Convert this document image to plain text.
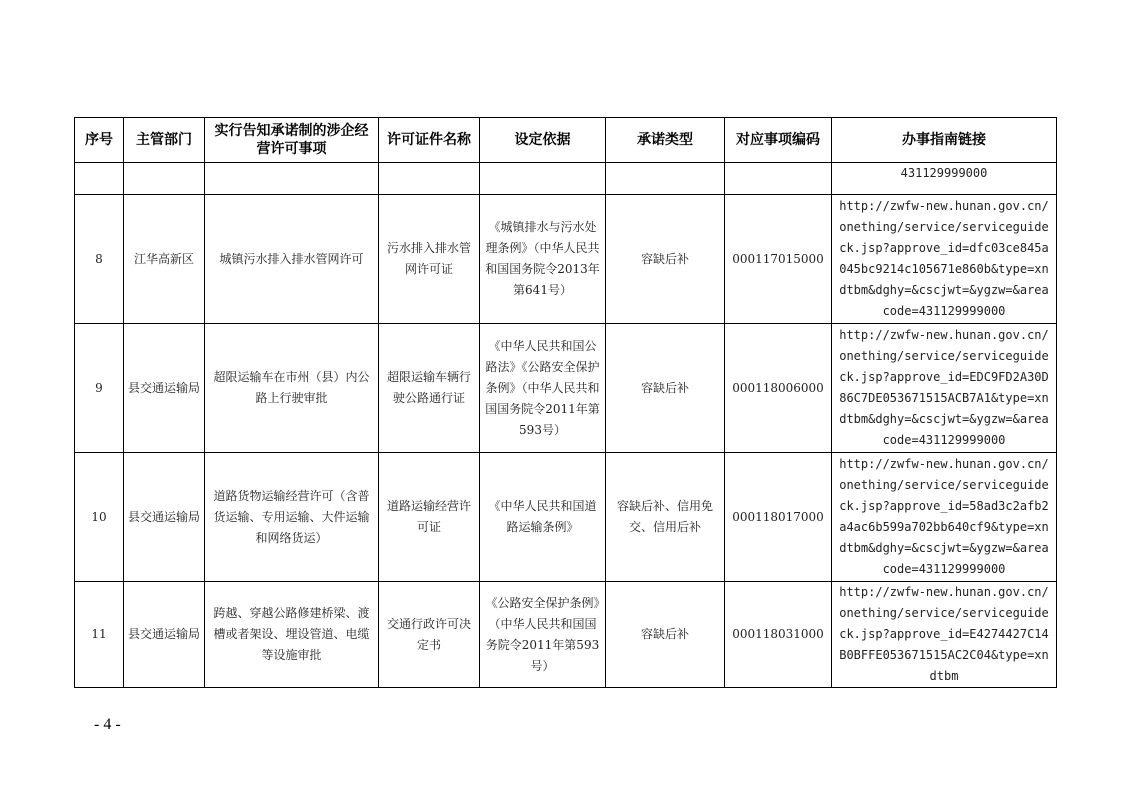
序号	主管部门	实行告知承诺制的涉企经营许可事项	许可证件名称	设定依据	承诺类型	对应事项编码	办事指南链接
							431129999000
8	江华高新区	城镇污水排入排水管网许可	污水排入排水管网许可证	《城镇排水与污水处理条例》（中华人民共和国国务院令2013年第641号）	容缺后补	000117015000	http://zwfw-new.hunan.gov.cn/onething/service/serviceguideck.jsp?approve_id=dfc03ce845a045bc9214c105671e860b&type=xndtbm&dghy=&cscjwt=&ygzw=&areacode=431129999000
9	县交通运输局	超限运输车在市州（县）内公路上行驶审批	超限运输车辆行驶公路通行证	《中华人民共和国公路法》《公路安全保护条例》（中华人民共和国国务院令2011年第593号）	容缺后补	000118006000	http://zwfw-new.hunan.gov.cn/onething/service/serviceguideck.jsp?approve_id=EDC9FD2A30D86C7DE053671515ACB7A1&type=xndtbm&dghy=&cscjwt=&ygzw=&areacode=431129999000
10	县交通运输局	道路货物运输经营许可（含普货运输、专用运输、大件运输和网络货运）	道路运输经营许可证	《中华人民共和国道路运输条例》	容缺后补、信用免交、信用后补	000118017000	http://zwfw-new.hunan.gov.cn/onething/service/serviceguideck.jsp?approve_id=58ad3c2afb2a4ac6b599a702bb640cf9&type=xndtbm&dghy=&cscjwt=&ygzw=&areacode=431129999000
11	县交通运输局	跨越、穿越公路修建桥梁、渡槽或者架设、埋设管道、电缆等设施审批	交通行政许可决定书	《公路安全保护条例》（中华人民共和国国务院令2011年第593号）	容缺后补	000118031000	http://zwfw-new.hunan.gov.cn/onething/service/serviceguideck.jsp?approve_id=E4274427C14B0BFFE053671515AC2C04&type=xndtbm
- 4 -
